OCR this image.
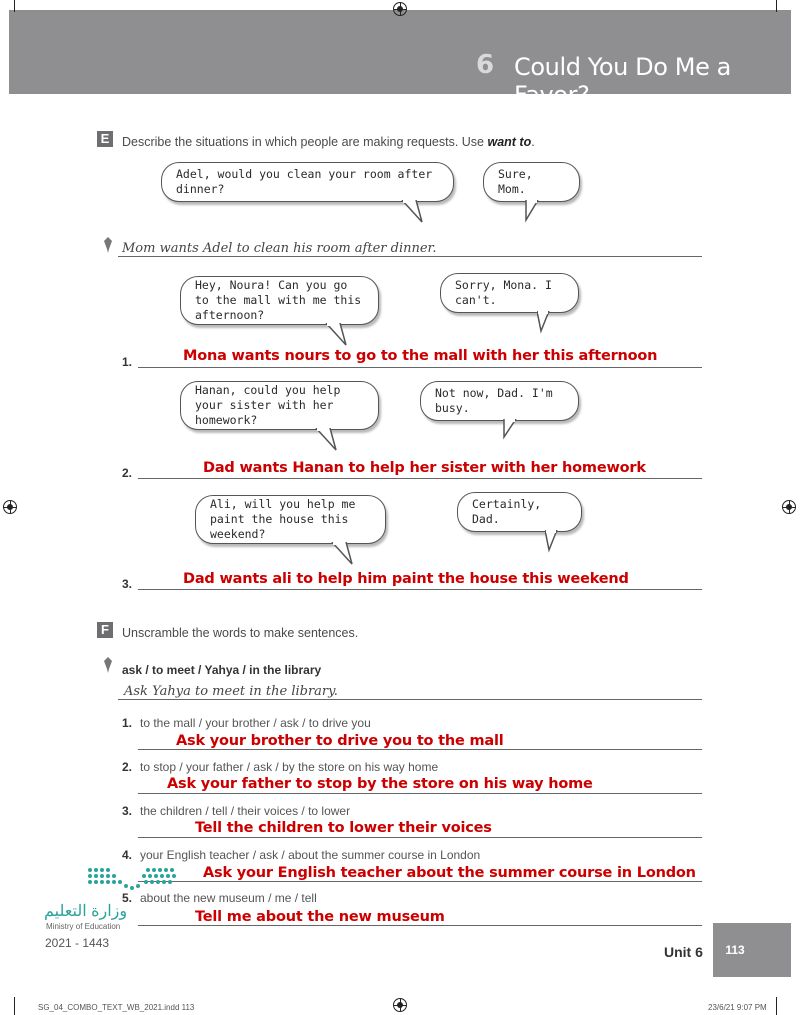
6 Could You Do Me a Favor?
E Describe the situations in which people are making requests. Use want to.
Adel, would you clean your room after dinner?
Sure, Mom.
Mom wants Adel to clean his room after dinner.
Hey, Noura! Can you go to the mall with me this afternoon?
Sorry, Mona. I can't.
1.	Mona wants nours to go to the mall with her this afternoon
Hanan, could you help your sister with her homework?
Not now, Dad. I'm busy.
2.	Dad wants Hanan to help her sister with her homework
Ali, will you help me paint the house this weekend?
Certainly, Dad.
3.	Dad wants ali to help him paint the house this weekend
F	Unscramble the words to make sentences.
ask / to meet / Yahya / in the library
Ask Yahya to meet in the library.
1. to the mall / your brother / ask / to drive you
Ask your brother to drive you to the mall
2. to stop / your father / ask / by the store on his way home
Ask your father to stop by the store on his way home
3. the children / tell / their voices / to lower
Tell the children to lower their voices
4. your English teacher / ask / about the summer course in London
Ask your English teacher about the summer course in London
5. about the new museum / me / tell
Tell me about the new museum
وزارة التعليم
Ministry of Education
2021 - 1443
Unit 6	113
SG_04_COMBO_TEXT_WB_2021.indd 113	23/6/21 9:07 PM
